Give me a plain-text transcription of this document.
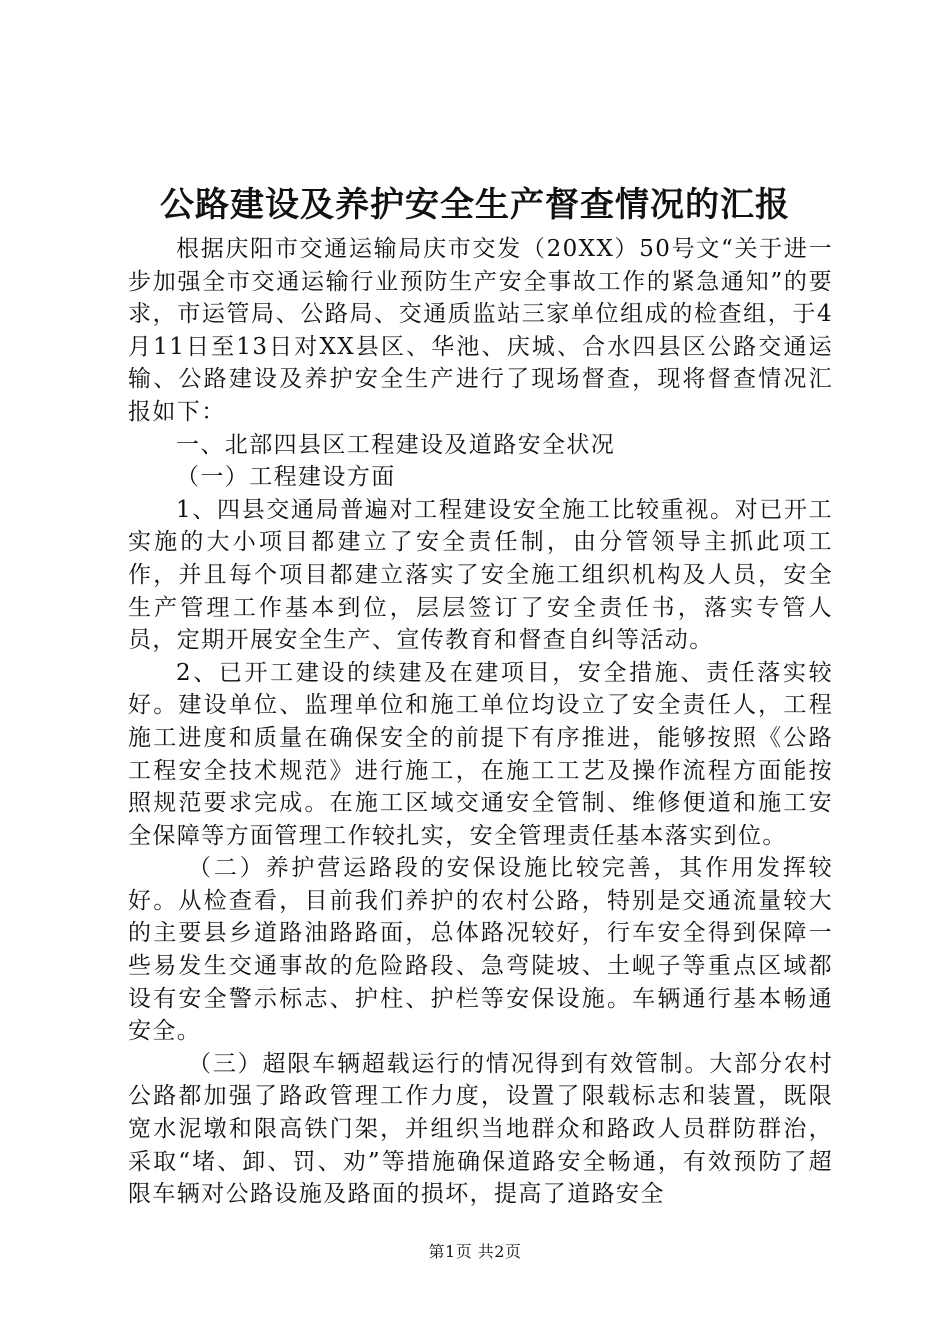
公路建设及养护安全生产督查情况的汇报

根据庆阳市交通运输局庆市交发（20XX）50号文“关于进一步加强全市交通运输行业预防生产安全事故工作的紧急通知”的要求，市运管局、公路局、交通质监站三家单位组成的检查组，于4月11日至13日对XX县区、华池、庆城、合水四县区公路交通运输、公路建设及养护安全生产进行了现场督查，现将督查情况汇报如下：

一、北部四县区工程建设及道路安全状况

（一）工程建设方面

1、四县交通局普遍对工程建设安全施工比较重视。对已开工实施的大小项目都建立了安全责任制，由分管领导主抓此项工作，并且每个项目都建立落实了安全施工组织机构及人员，安全生产管理工作基本到位，层层签订了安全责任书，落实专管人员，定期开展安全生产、宣传教育和督查自纠等活动。

2、已开工建设的续建及在建项目，安全措施、责任落实较好。建设单位、监理单位和施工单位均设立了安全责任人，工程施工进度和质量在确保安全的前提下有序推进，能够按照《公路工程安全技术规范》进行施工，在施工工艺及操作流程方面能按照规范要求完成。在施工区域交通安全管制、维修便道和施工安全保障等方面管理工作较扎实，安全管理责任基本落实到位。

（二）养护营运路段的安保设施比较完善，其作用发挥较好。从检查看，目前我们养护的农村公路，特别是交通流量较大的主要县乡道路油路路面，总体路况较好，行车安全得到保障一些易发生交通事故的危险路段、急弯陡坡、土岘子等重点区域都设有安全警示标志、护柱、护栏等安保设施。车辆通行基本畅通安全。

（三）超限车辆超载运行的情况得到有效管制。大部分农村公路都加强了路政管理工作力度，设置了限载标志和装置，既限宽水泥墩和限高铁门架，并组织当地群众和路政人员群防群治，采取“堵、卸、罚、劝”等措施确保道路安全畅通，有效预防了超限车辆对公路设施及路面的损坏，提高了道路安全

第1页 共2页
